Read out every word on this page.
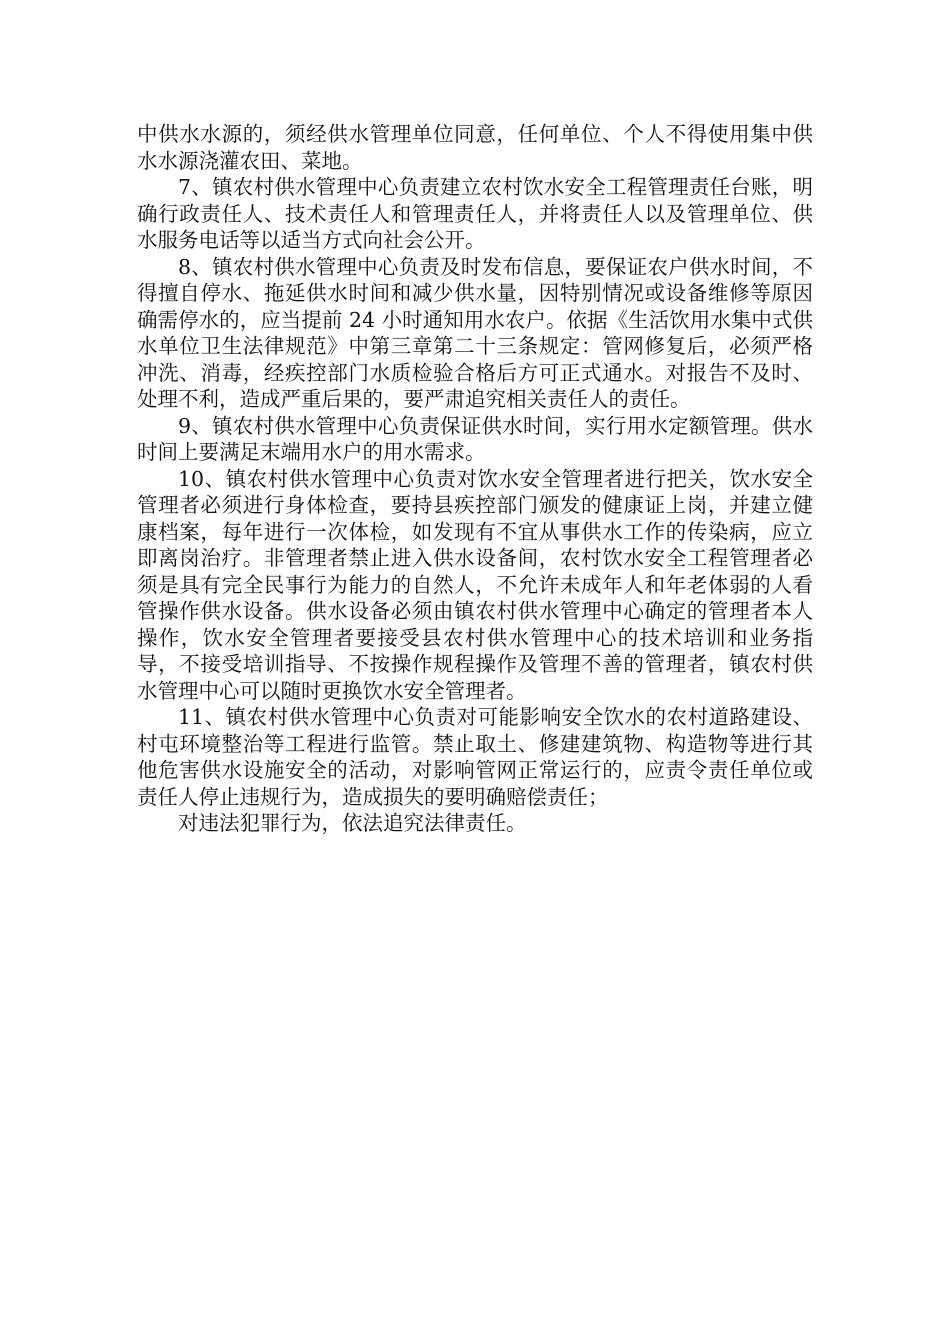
中供水水源的，须经供水管理单位同意，任何单位、个人不得使用集中供水水源浇灌农田、菜地。

7、镇农村供水管理中心负责建立农村饮水安全工程管理责任台账，明确行政责任人、技术责任人和管理责任人，并将责任人以及管理单位、供水服务电话等以适当方式向社会公开。

8、镇农村供水管理中心负责及时发布信息，要保证农户供水时间，不得擅自停水、拖延供水时间和减少供水量，因特别情况或设备维修等原因确需停水的，应当提前 24 小时通知用水农户。依据《生活饮用水集中式供水单位卫生法律规范》中第三章第二十三条规定：管网修复后，必须严格冲洗、消毒，经疾控部门水质检验合格后方可正式通水。对报告不及时、处理不利，造成严重后果的，要严肃追究相关责任人的责任。

9、镇农村供水管理中心负责保证供水时间，实行用水定额管理。供水时间上要满足末端用水户的用水需求。

10、镇农村供水管理中心负责对饮水安全管理者进行把关，饮水安全管理者必须进行身体检查，要持县疾控部门颁发的健康证上岗，并建立健康档案，每年进行一次体检，如发现有不宜从事供水工作的传染病，应立即离岗治疗。非管理者禁止进入供水设备间，农村饮水安全工程管理者必须是具有完全民事行为能力的自然人，不允许未成年人和年老体弱的人看管操作供水设备。供水设备必须由镇农村供水管理中心确定的管理者本人操作，饮水安全管理者要接受县农村供水管理中心的技术培训和业务指导，不接受培训指导、不按操作规程操作及管理不善的管理者，镇农村供水管理中心可以随时更换饮水安全管理者。

11、镇农村供水管理中心负责对可能影响安全饮水的农村道路建设、村屯环境整治等工程进行监管。禁止取土、修建建筑物、构造物等进行其他危害供水设施安全的活动，对影响管网正常运行的，应责令责任单位或责任人停止违规行为，造成损失的要明确赔偿责任；

对违法犯罪行为，依法追究法律责任。
